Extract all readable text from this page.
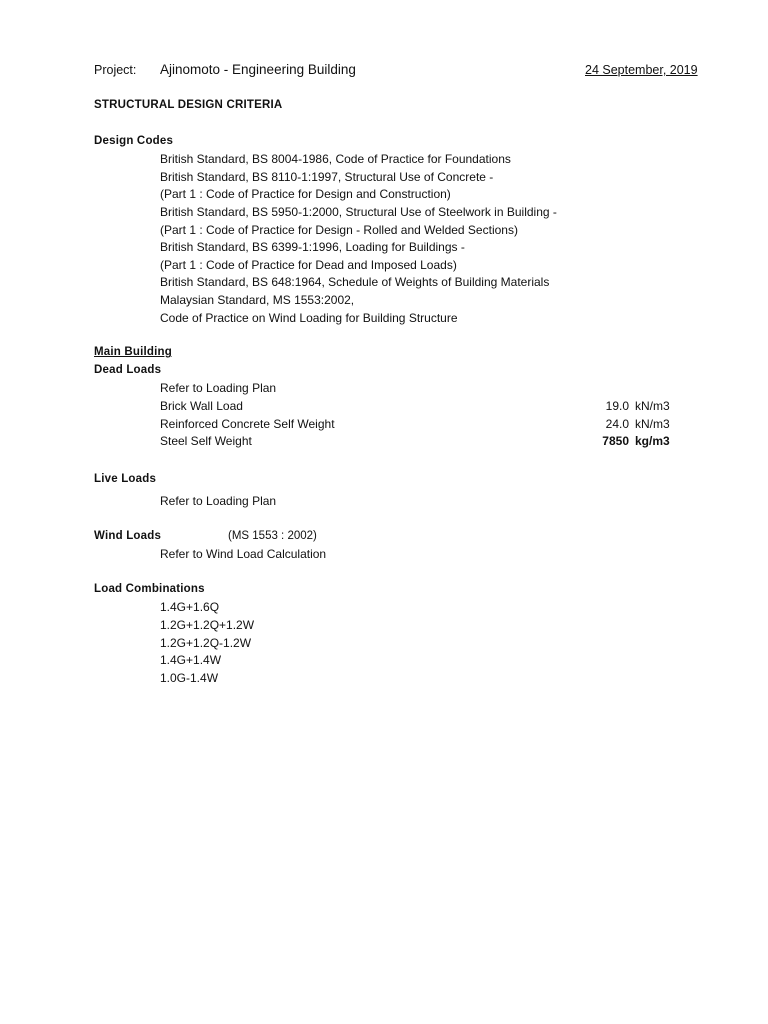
Project: Ajinomoto - Engineering Building	24 September, 2019
STRUCTURAL DESIGN CRITERIA
Design Codes
British Standard, BS 8004-1986, Code of Practice for Foundations
British Standard, BS 8110-1:1997, Structural Use of Concrete -
(Part 1 : Code of Practice for Design and Construction)
British Standard, BS 5950-1:2000, Structural Use of Steelwork in Building -
(Part 1 : Code of Practice for Design - Rolled and Welded Sections)
British Standard, BS 6399-1:1996, Loading for Buildings -
(Part 1 : Code of Practice for Dead and Imposed Loads)
British Standard, BS 648:1964, Schedule of Weights of Building Materials
Malaysian Standard, MS 1553:2002,
Code of Practice on Wind Loading for Building Structure
Main Building
Dead Loads
Refer to Loading Plan
Brick Wall Load	19.0 kN/m3
Reinforced Concrete Self Weight	24.0 kN/m3
Steel Self Weight	7850 kg/m3
Live Loads
Refer to Loading Plan
Wind Loads	(MS 1553 : 2002)
Refer to Wind Load Calculation
Load Combinations
1.4G+1.6Q
1.2G+1.2Q+1.2W
1.2G+1.2Q-1.2W
1.4G+1.4W
1.0G-1.4W
